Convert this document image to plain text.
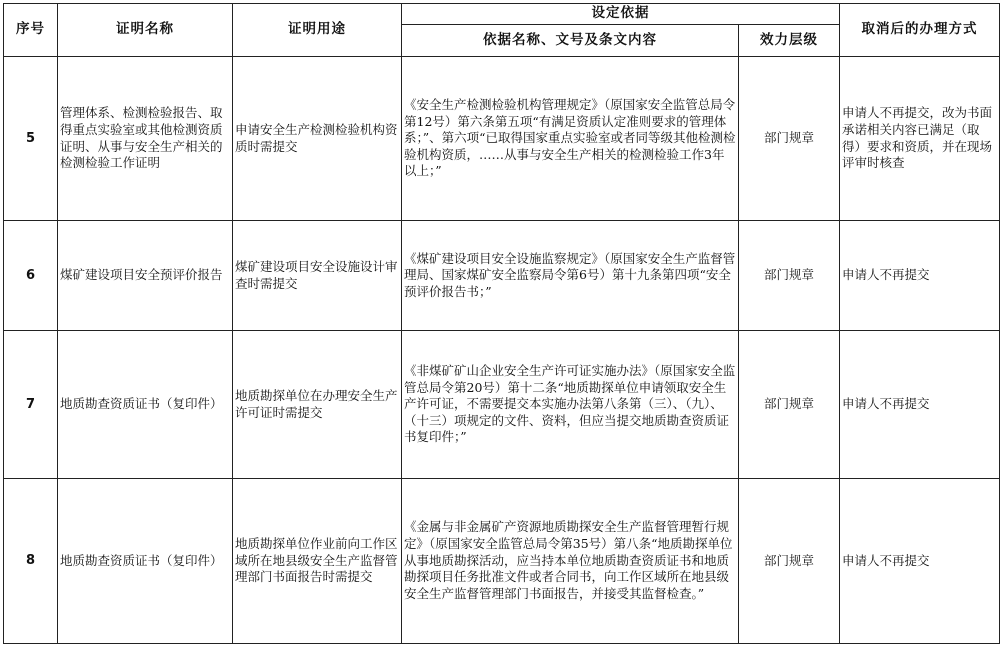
序号	证明名称	证明用途	设定依据		取消后的办理方式
			依据名称、文号及条文内容	效力层级	
5	管理体系、检测检验报告、取得重点实验室或其他检测资质证明、从事与安全生产相关的检测检验工作证明	申请安全生产检测检验机构资质时需提交	《安全生产检测检验机构管理规定》（原国家安全监管总局令第12号）第六条第五项“有满足资质认定准则要求的管理体系；”、第六项“已取得国家重点实验室或者同等级其他检测检验机构资质，……从事与安全生产相关的检测检验工作3年以上；”	部门规章	申请人不再提交，改为书面承诺相关内容已满足（取得）要求和资质，并在现场评审时核查
6	煤矿建设项目安全预评价报告	煤矿建设项目安全设施设计审查时需提交	《煤矿建设项目安全设施监察规定》（原国家安全生产监督管理局、国家煤矿安全监察局令第6号）第十九条第四项“安全预评价报告书；”	部门规章	申请人不再提交
7	地质勘查资质证书（复印件）	地质勘探单位在办理安全生产许可证时需提交	《非煤矿矿山企业安全生产许可证实施办法》（原国家安全监管总局令第20号）第十二条“地质勘探单位申请领取安全生产许可证，不需要提交本实施办法第八条第（三）、（九）、（十三）项规定的文件、资料，但应当提交地质勘查资质证书复印件；”	部门规章	申请人不再提交
8	地质勘查资质证书（复印件）	地质勘探单位作业前向工作区域所在地县级安全生产监督管理部门书面报告时需提交	《金属与非金属矿产资源地质勘探安全生产监督管理暂行规定》（原国家安全监管总局令第35号）第八条“地质勘探单位从事地质勘探活动，应当持本单位地质勘查资质证书和地质勘探项目任务批准文件或者合同书，向工作区域所在地县级安全生产监督管理部门书面报告，并接受其监督检查。”	部门规章	申请人不再提交
